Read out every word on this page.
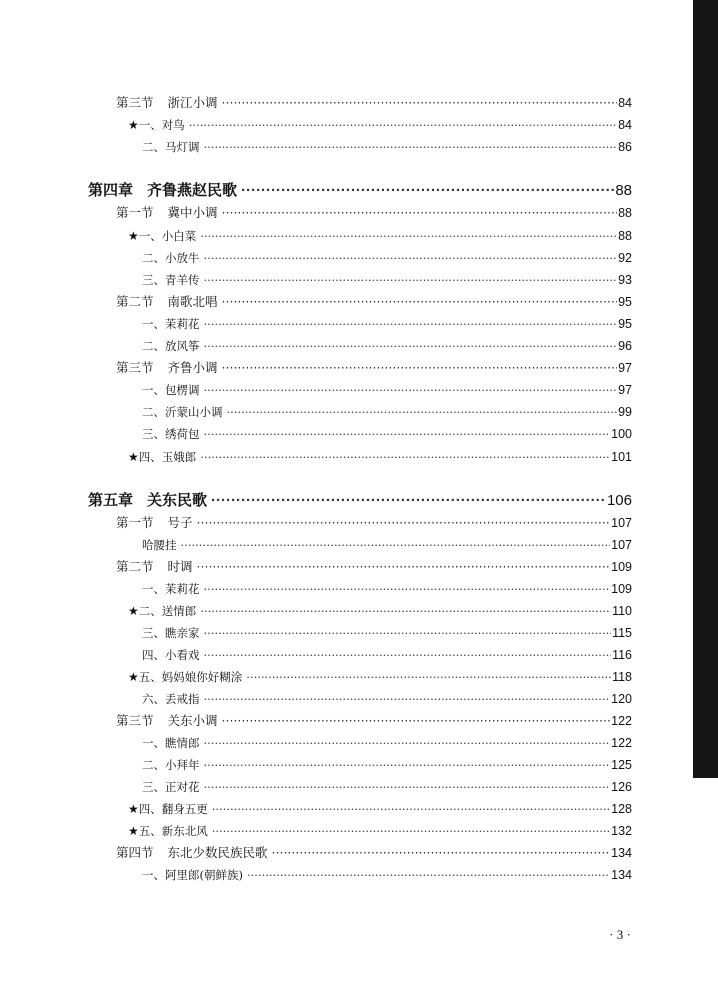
第三节 浙江小调 ·····	84
★一、对鸟 ·····	84
二、马灯调 ·····	86
第四章 齐鲁燕赵民歌 ·····	88
第一节 冀中小调 ·····	88
★一、小白菜 ·····	88
二、小放牛 ·····	92
三、青羊传 ·····	93
第二节 南歌北唱 ·····	95
一、茉莉花 ·····	95
二、放风筝 ·····	96
第三节 齐鲁小调 ·····	97
一、包楞调 ·····	97
二、沂蒙山小调 ·····	99
三、绣荷包 ·····	100
★四、玉娥郎 ·····	101
第五章 关东民歌 ·····	106
第一节 号子 ·····	107
哈腰挂 ·····	107
第二节 时调 ·····	109
一、茉莉花 ·····	109
★二、送情郎 ·····	110
三、瞧亲家 ·····	115
四、小看戏 ·····	116
★五、妈妈娘你好糊涂 ·····	118
六、丢戒指 ·····	120
第三节 关东小调 ·····	122
一、瞧情郎 ·····	122
二、小拜年 ·····	125
三、正对花 ·····	126
★四、翻身五更 ·····	128
★五、新东北风 ·····	132
第四节 东北少数民族民歌 ·····	134
一、阿里郎(朝鲜族) ·····	134
· 3 ·
